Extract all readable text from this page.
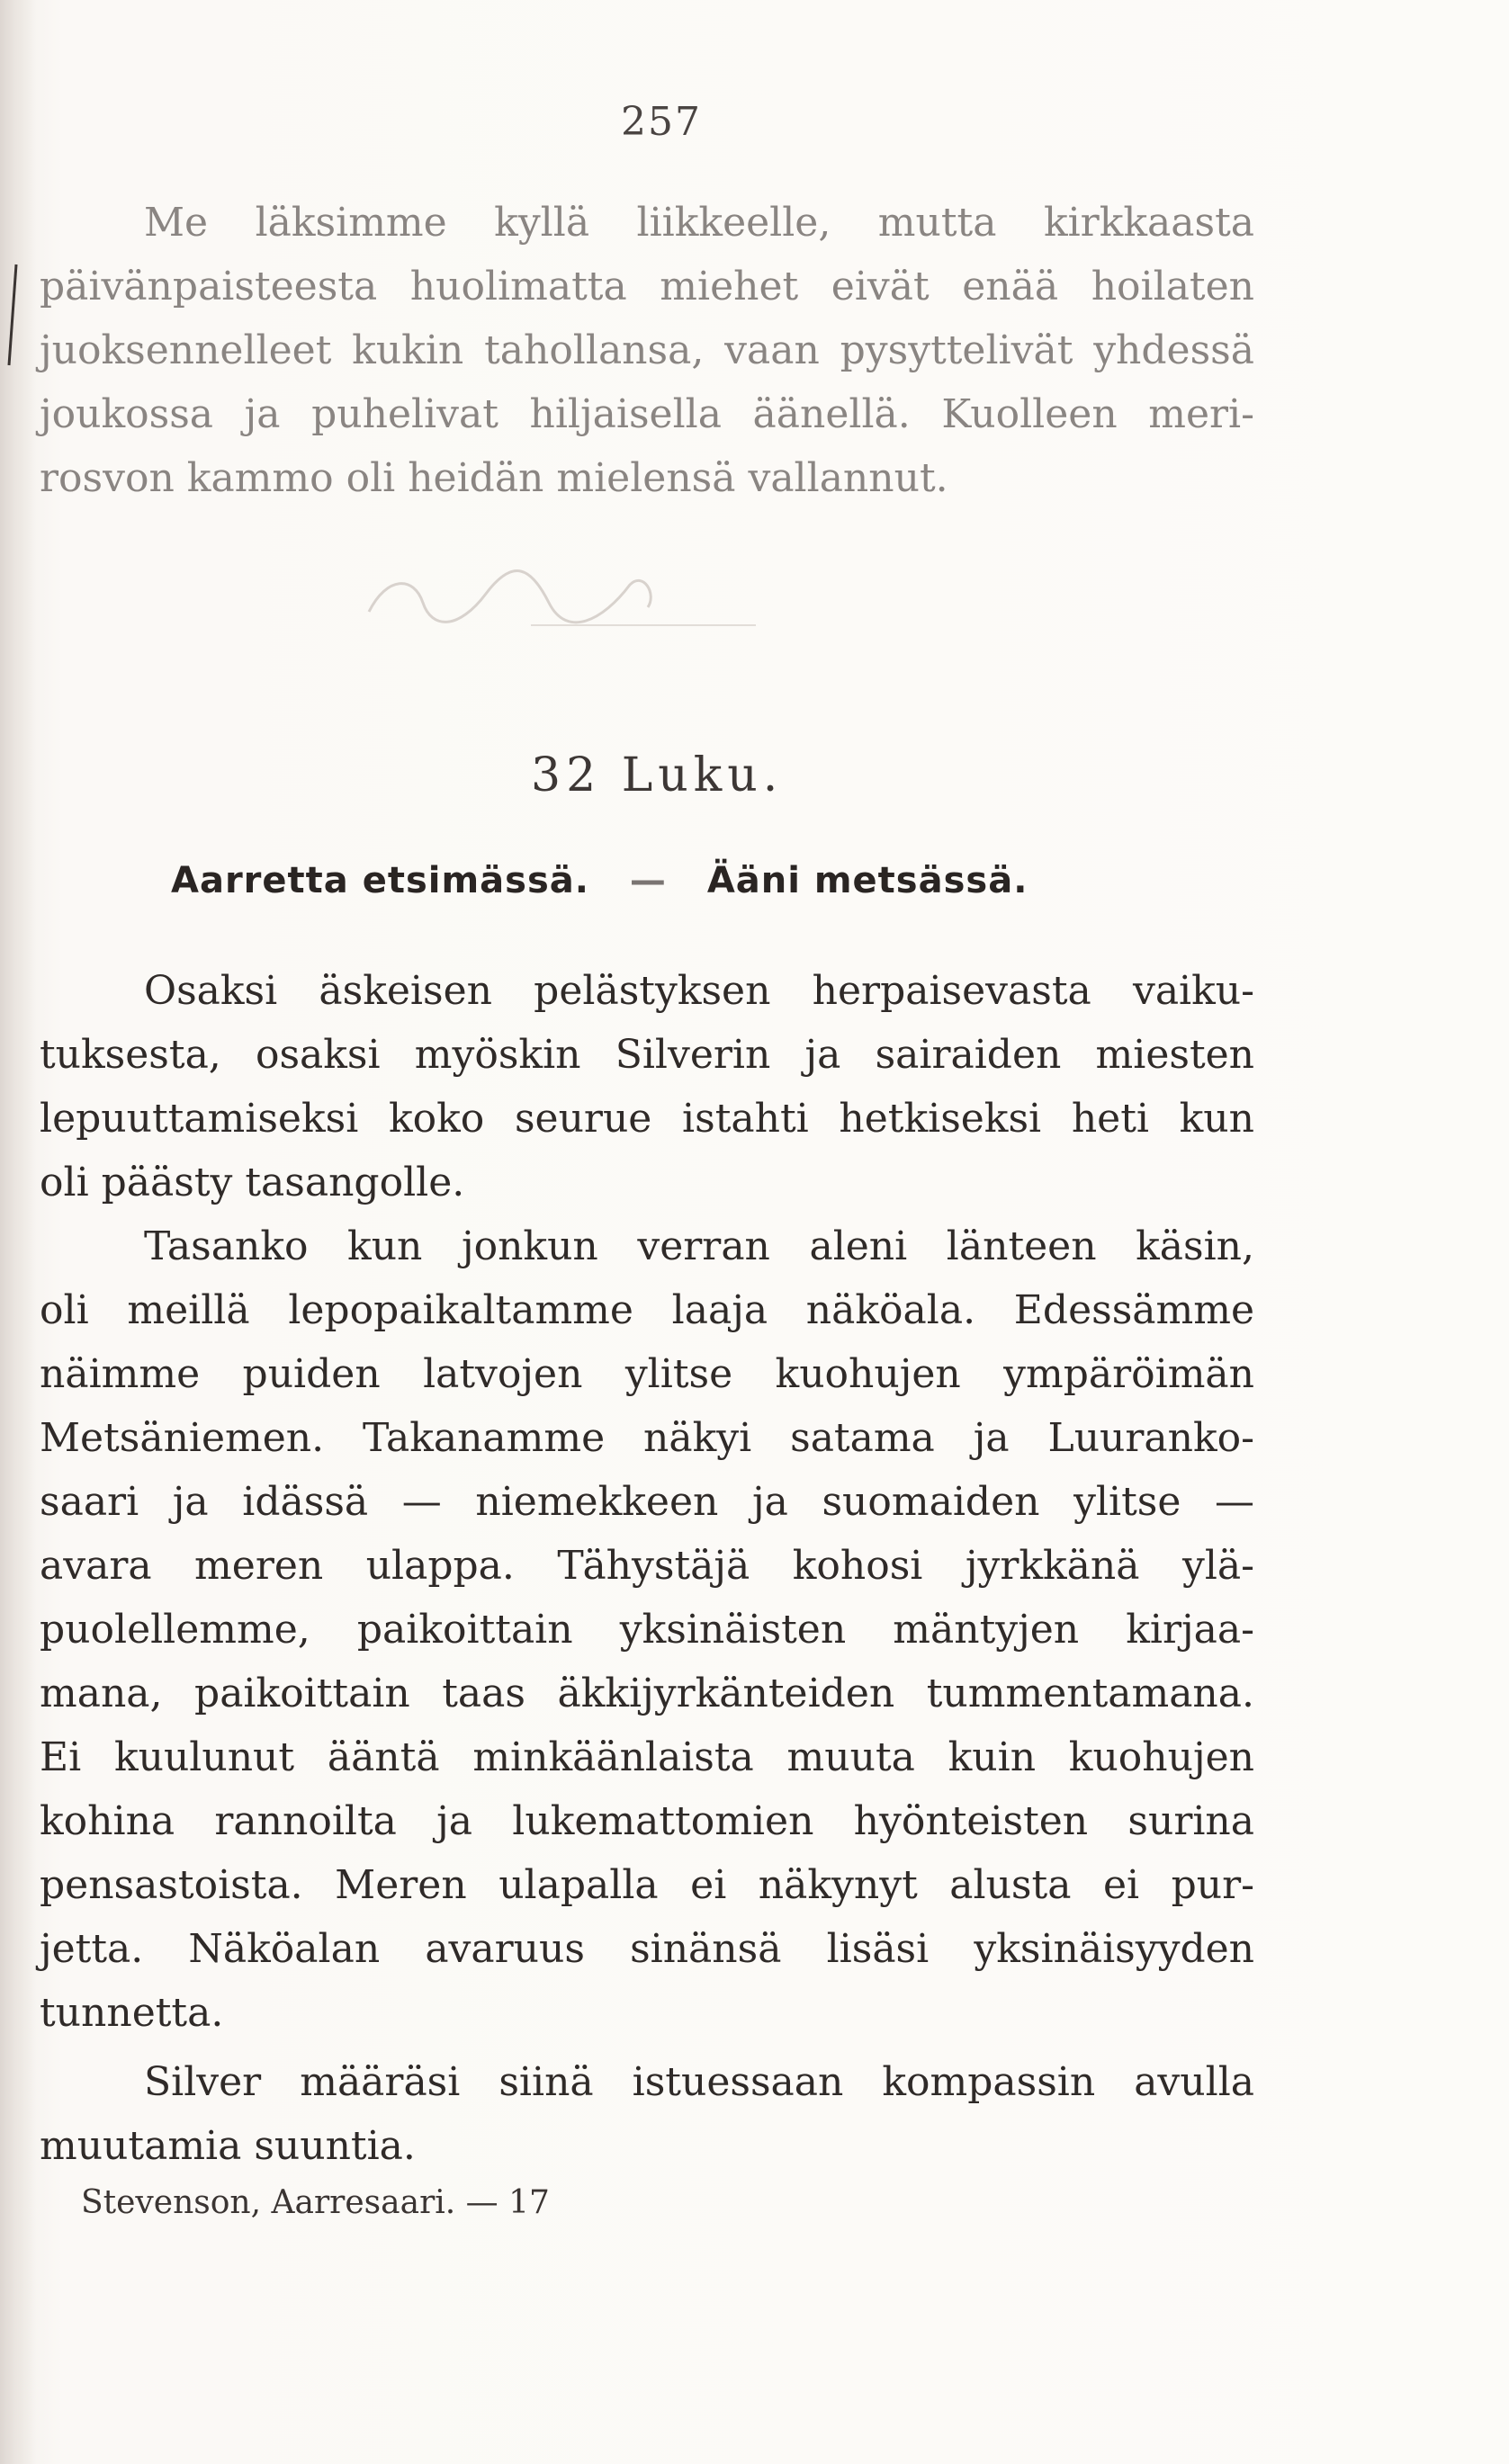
257
Me läksimme kyllä liikkeelle, mutta kirkkaasta
päivänpaisteesta huolimatta miehet eivät enää hoilaten
juoksennelleet kukin tahollansa, vaan pysyttelivät yhdessä
joukossa ja puhelivat hiljaisella äänellä. Kuolleen meri-
rosvon kammo oli heidän mielensä vallannut.
32 Luku.
Aarretta etsimässä. — Ääni metsässä.
Osaksi äskeisen pelästyksen herpaisevasta vaiku-
tuksesta, osaksi myöskin Silverin ja sairaiden miesten
lepuuttamiseksi koko seurue istahti hetkiseksi heti kun
oli päästy tasangolle.
Tasanko kun jonkun verran aleni länteen käsin,
oli meillä lepopaikaltamme laaja näköala. Edessämme
näimme puiden latvojen ylitse kuohujen ympäröimän
Metsäniemen. Takanamme näkyi satama ja Luuranko-
saari ja idässä — niemekkeen ja suomaiden ylitse —
avara meren ulappa. Tähystäjä kohosi jyrkkänä ylä-
puolellemme, paikoittain yksinäisten mäntyjen kirjaa-
mana, paikoittain taas äkkijyrkänteiden tummentamana.
Ei kuulunut ääntä minkäänlaista muuta kuin kuohujen
kohina rannoilta ja lukemattomien hyönteisten surina
pensastoista. Meren ulapalla ei näkynyt alusta ei pur-
jetta. Näköalan avaruus sinänsä lisäsi yksinäisyyden
tunnetta.
Silver määräsi siinä istuessaan kompassin avulla
muutamia suuntia.
Stevenson, Aarresaari. — 17
